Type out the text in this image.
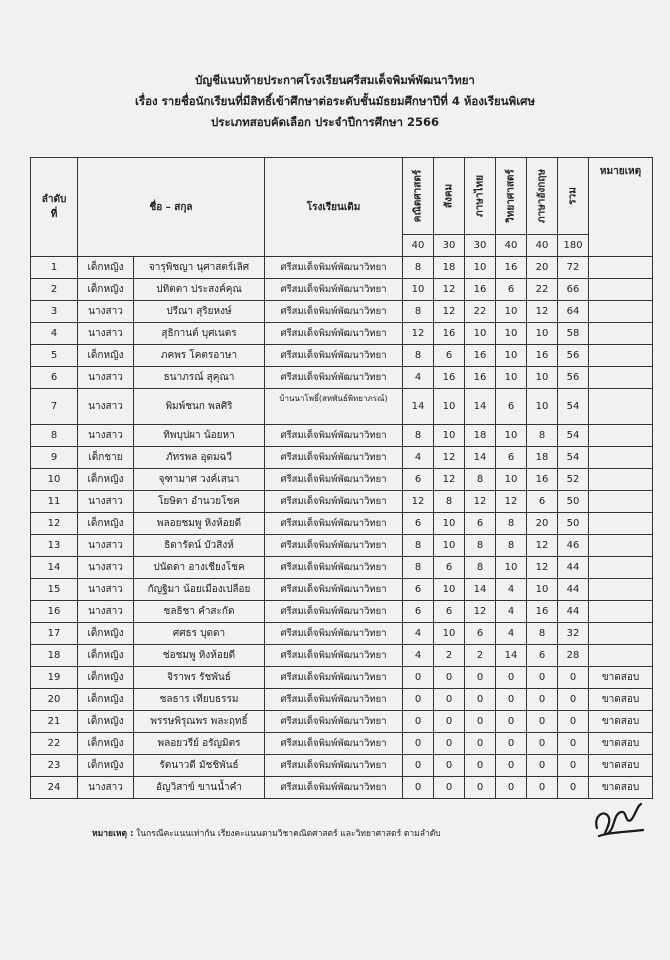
บัญชีแนบท้ายประกาศโรงเรียนศรีสมเด็จพิมพ์พัฒนาวิทยา
เรื่อง รายชื่อนักเรียนที่มีสิทธิ์เข้าศึกษาต่อระดับชั้นมัธยมศึกษาปีที่ 4 ห้องเรียนพิเศษ
ประเภทสอบคัดเลือก ประจำปีการศึกษา 2566
ลำดับที่	ชื่อ – สกุล		โรงเรียนเดิม	คณิตศาสตร์	สังคม	ภาษาไทย	วิทยาศาสตร์	ภาษาอังกฤษ	รวม	หมายเหตุ
				40	30	30	40	40	180	
1	เด็กหญิง	จารุพิชญา นุศาสตร์เลิศ	ศรีสมเด็จพิมพ์พัฒนาวิทยา	8	18	10	16	20	72	
2	เด็กหญิง	ปทิตตา ประสงค์คุณ	ศรีสมเด็จพิมพ์พัฒนาวิทยา	10	12	16	6	22	66	
3	นางสาว	ปรีณา สุริยหงษ์	ศรีสมเด็จพิมพ์พัฒนาวิทยา	8	12	22	10	12	64	
4	นางสาว	สุธิกานต์ บุศเนตร	ศรีสมเด็จพิมพ์พัฒนาวิทยา	12	16	10	10	10	58	
5	เด็กหญิง	ภคพร โคตรอาษา	ศรีสมเด็จพิมพ์พัฒนาวิทยา	8	6	16	10	16	56	
6	นางสาว	ธนาภรณ์ สุคุณา	ศรีสมเด็จพิมพ์พัฒนาวิทยา	4	16	16	10	10	56	
7	นางสาว	พิมพ์ชนก พลศิริ	บ้านนาโพธิ์(สหพันธ์พิทยาภรณ์)	14	10	14	6	10	54	
8	นางสาว	ทิพบุปผา น้อยหา	ศรีสมเด็จพิมพ์พัฒนาวิทยา	8	10	18	10	8	54	
9	เด็กชาย	ภัทรพล อุดมฉวี	ศรีสมเด็จพิมพ์พัฒนาวิทยา	4	12	14	6	18	54	
10	เด็กหญิง	จุฑามาศ วงค์เสนา	ศรีสมเด็จพิมพ์พัฒนาวิทยา	6	12	8	10	16	52	
11	นางสาว	โยษิตา อำนวยโชค	ศรีสมเด็จพิมพ์พัฒนาวิทยา	12	8	12	12	6	50	
12	เด็กหญิง	พลอยชมพู หิงห้อยดี	ศรีสมเด็จพิมพ์พัฒนาวิทยา	6	10	6	8	20	50	
13	นางสาว	ธิดารัตน์ บัวสิงห์	ศรีสมเด็จพิมพ์พัฒนาวิทยา	8	10	8	8	12	46	
14	นางสาว	ปนัดดา อางเชียงโชค	ศรีสมเด็จพิมพ์พัฒนาวิทยา	8	6	8	10	12	44	
15	นางสาว	กัญฐิมา น้อยเมืองเปลือย	ศรีสมเด็จพิมพ์พัฒนาวิทยา	6	10	14	4	10	44	
16	นางสาว	ชลธิชา คำสะกัด	ศรีสมเด็จพิมพ์พัฒนาวิทยา	6	6	12	4	16	44	
17	เด็กหญิง	ศศธร บุดดา	ศรีสมเด็จพิมพ์พัฒนาวิทยา	4	10	6	4	8	32	
18	เด็กหญิง	ช่อชมพู หิงห้อยดี	ศรีสมเด็จพิมพ์พัฒนาวิทยา	4	2	2	14	6	28	
19	เด็กหญิง	จิราพร รัชพันธ์	ศรีสมเด็จพิมพ์พัฒนาวิทยา	0	0	0	0	0	0	ขาดสอบ
20	เด็กหญิง	ชลธาร เทียบธรรม	ศรีสมเด็จพิมพ์พัฒนาวิทยา	0	0	0	0	0	0	ขาดสอบ
21	เด็กหญิง	พรรษพิรุณพร พละฤทธิ์	ศรีสมเด็จพิมพ์พัฒนาวิทยา	0	0	0	0	0	0	ขาดสอบ
22	เด็กหญิง	พลอยวรีย์ อรัญมิตร	ศรีสมเด็จพิมพ์พัฒนาวิทยา	0	0	0	0	0	0	ขาดสอบ
23	เด็กหญิง	รัตนาวดี มัชชิพันธ์	ศรีสมเด็จพิมพ์พัฒนาวิทยา	0	0	0	0	0	0	ขาดสอบ
24	นางสาว	อัญวิสาข์ ขานน้ำคำ	ศรีสมเด็จพิมพ์พัฒนาวิทยา	0	0	0	0	0	0	ขาดสอบ
หมายเหตุ : ในกรณีคะแนนเท่ากัน เรียงคะแนนตามวิชาคณิตศาสตร์ และวิทยาศาสตร์ ตามลำดับ
